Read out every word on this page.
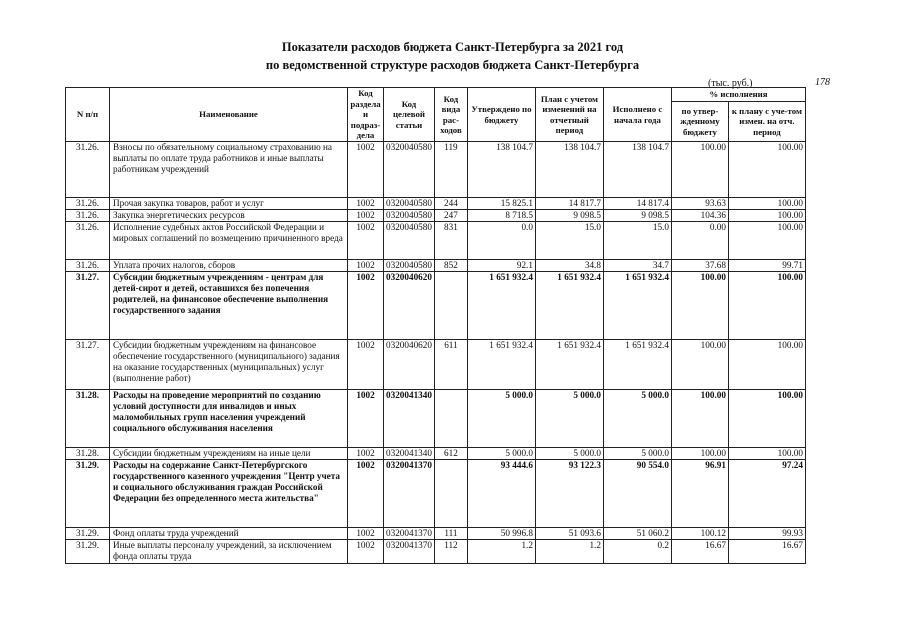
Показатели расходов бюджета Санкт-Петербурга за 2021 год
по ведомственной структуре расходов бюджета Санкт-Петербурга
(тыс. руб.)	178
N п/п	Наименование	Код раздела и подраз-дела	Код целевой статьи	Код вида рас-ходов	Утверждено по бюджету	План с учетом изменений на отчетный период	Исполнено с начала года	% исполнения	
								по утвер-жденному бюджету	к плану с уче-том измен. на отч. период
31.26.	Взносы по обязательному социальному страхованию на выплаты по оплате труда работников и иные выплаты работникам учреждений	1002	0320040580	119	138 104.7	138 104.7	138 104.7	100.00	100.00
31.26.	Прочая закупка товаров, работ и услуг	1002	0320040580	244	15 825.1	14 817.7	14 817.4	93.63	100.00
31.26.	Закупка энергетических ресурсов	1002	0320040580	247	8 718.5	9 098.5	9 098.5	104.36	100.00
31.26.	Исполнение судебных актов Российской Федерации и мировых соглашений по возмещению причиненного вреда	1002	0320040580	831	0.0	15.0	15.0	0.00	100.00
31.26.	Уплата прочих налогов, сборов	1002	0320040580	852	92.1	34.8	34.7	37.68	99.71
31.27.	Субсидии бюджетным учреждениям - центрам для детей-сирот и детей, оставшихся без попечения родителей, на финансовое обеспечение выполнения государственного задания	1002	0320040620		1 651 932.4	1 651 932.4	1 651 932.4	100.00	100.00
31.27.	Субсидии бюджетным учреждениям на финансовое обеспечение государственного (муниципального) задания на оказание государственных (муниципальных) услуг (выполнение работ)	1002	0320040620	611	1 651 932.4	1 651 932.4	1 651 932.4	100.00	100.00
31.28.	Расходы на проведение мероприятий по созданию условий доступности для инвалидов и иных маломобильных групп населения учреждений социального обслуживания населения	1002	0320041340		5 000.0	5 000.0	5 000.0	100.00	100.00
31.28.	Субсидии бюджетным учреждениям на иные цели	1002	0320041340	612	5 000.0	5 000.0	5 000.0	100.00	100.00
31.29.	Расходы на содержание Санкт-Петербургского государственного казенного учреждения "Центр учета и социального обслуживания граждан Российской Федерации без определенного места жительства"	1002	0320041370		93 444.6	93 122.3	90 554.0	96.91	97.24
31.29.	Фонд оплаты труда учреждений	1002	0320041370	111	50 996.8	51 093.6	51 060.2	100.12	99.93
31.29.	Иные выплаты персоналу учреждений, за исключением фонда оплаты труда	1002	0320041370	112	1.2	1.2	0.2	16.67	16.67
